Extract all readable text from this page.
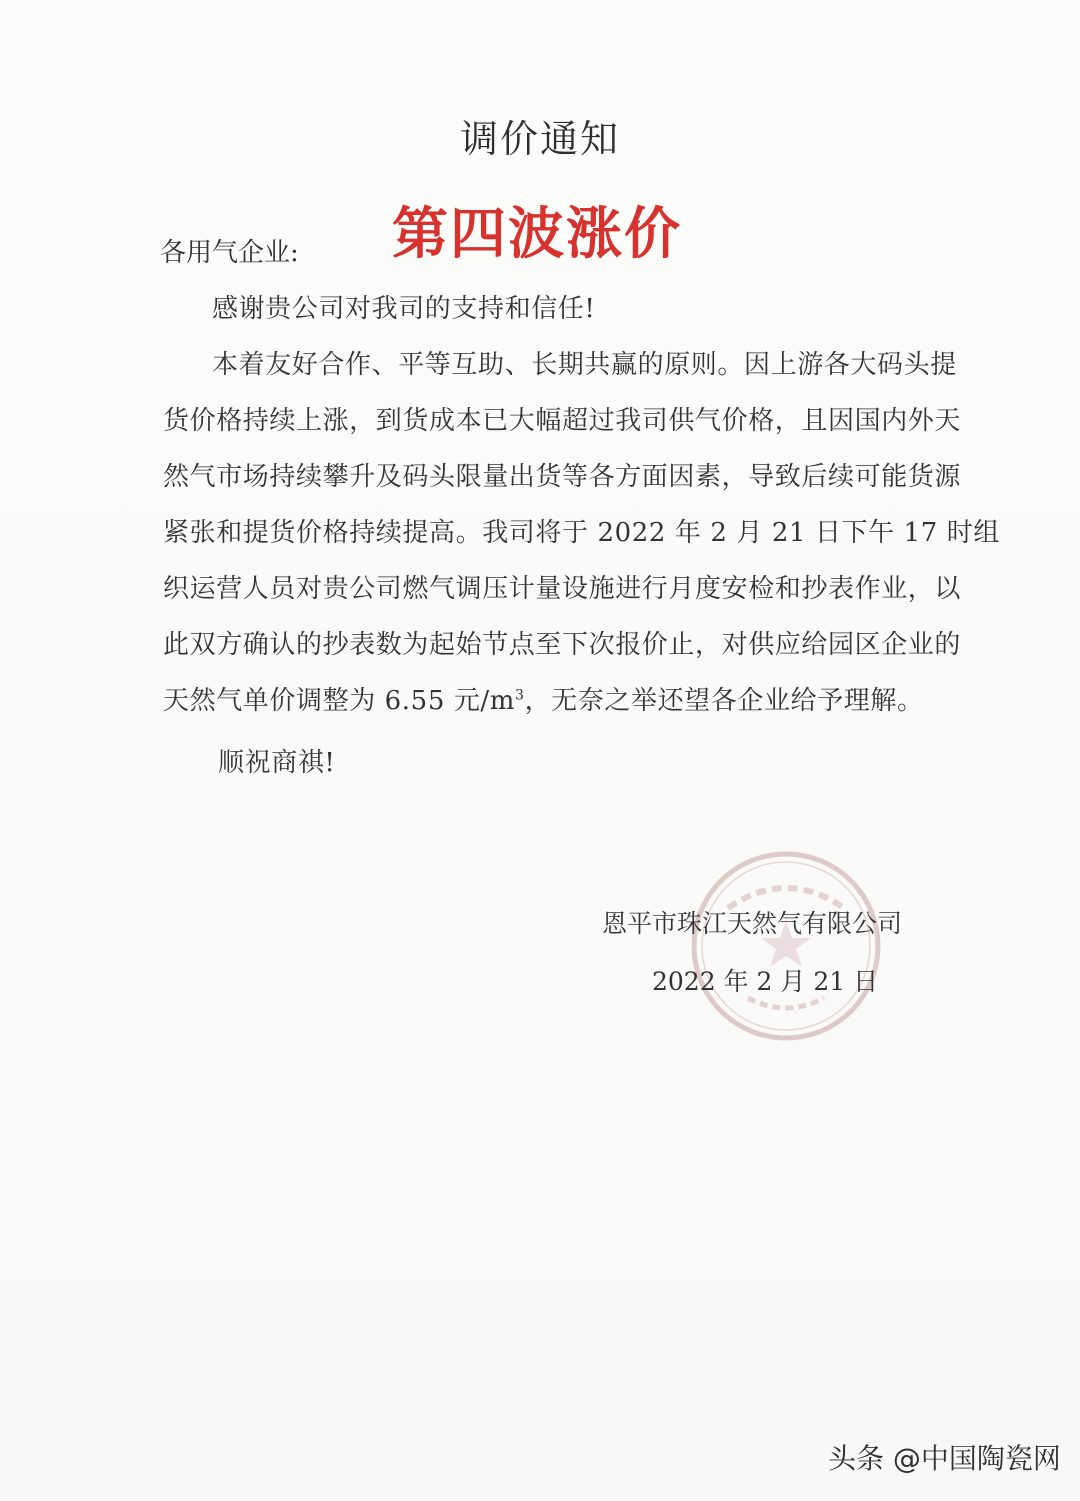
调价通知
第四波涨价
各用气企业:
感谢贵公司对我司的支持和信任!
本着友好合作、平等互助、长期共赢的原则。因上游各大码头提
货价格持续上涨，到货成本已大幅超过我司供气价格，且因国内外天
然气市场持续攀升及码头限量出货等各方面因素，导致后续可能货源
紧张和提货价格持续提高。我司将于 2022 年 2 月 21 日下午 17 时组
织运营人员对贵公司燃气调压计量设施进行月度安检和抄表作业，以
此双方确认的抄表数为起始节点至下次报价止，对供应给园区企业的
天然气单价调整为 6.55 元$/m^3$，无奈之举还望各企业给予理解。
顺祝商祺!
恩平市珠江天然气有限公司
2022 年 2 月 21 日
头条 @中国陶瓷网
